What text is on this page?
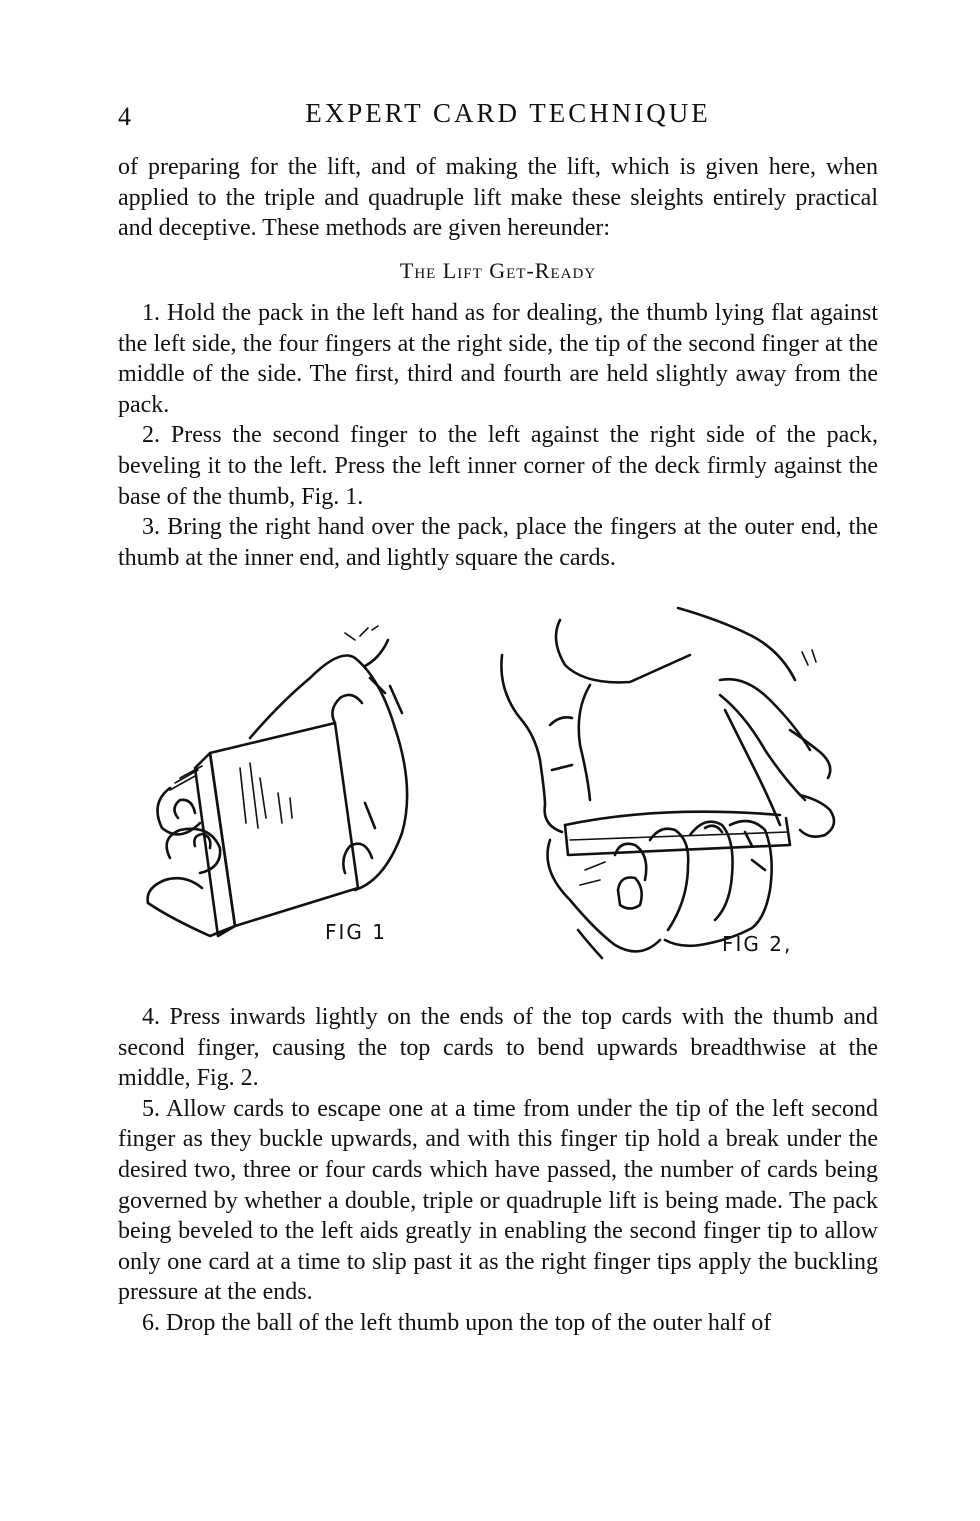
4	EXPERT CARD TECHNIQUE

of preparing for the lift, and of making the lift, which is given here, when applied to the triple and quadruple lift make these sleights entirely practical and deceptive. These methods are given hereunder:

The Lift Get-Ready

1. Hold the pack in the left hand as for dealing, the thumb lying flat against the left side, the four fingers at the right side, the tip of the second finger at the middle of the side. The first, third and fourth are held slightly away from the pack.

2. Press the second finger to the left against the right side of the pack, beveling it to the left. Press the left inner corner of the deck firmly against the base of the thumb, Fig. 1.

3. Bring the right hand over the pack, place the fingers at the outer end, the thumb at the inner end, and lightly square the cards.

FIG 1	FIG 2,

4. Press inwards lightly on the ends of the top cards with the thumb and second finger, causing the top cards to bend upwards breadthwise at the middle, Fig. 2.

5. Allow cards to escape one at a time from under the tip of the left second finger as they buckle upwards, and with this finger tip hold a break under the desired two, three or four cards which have passed, the number of cards being governed by whether a double, triple or quadruple lift is being made. The pack being beveled to the left aids greatly in enabling the second finger tip to allow only one card at a time to slip past it as the right finger tips apply the buckling pressure at the ends.

6. Drop the ball of the left thumb upon the top of the outer half of
